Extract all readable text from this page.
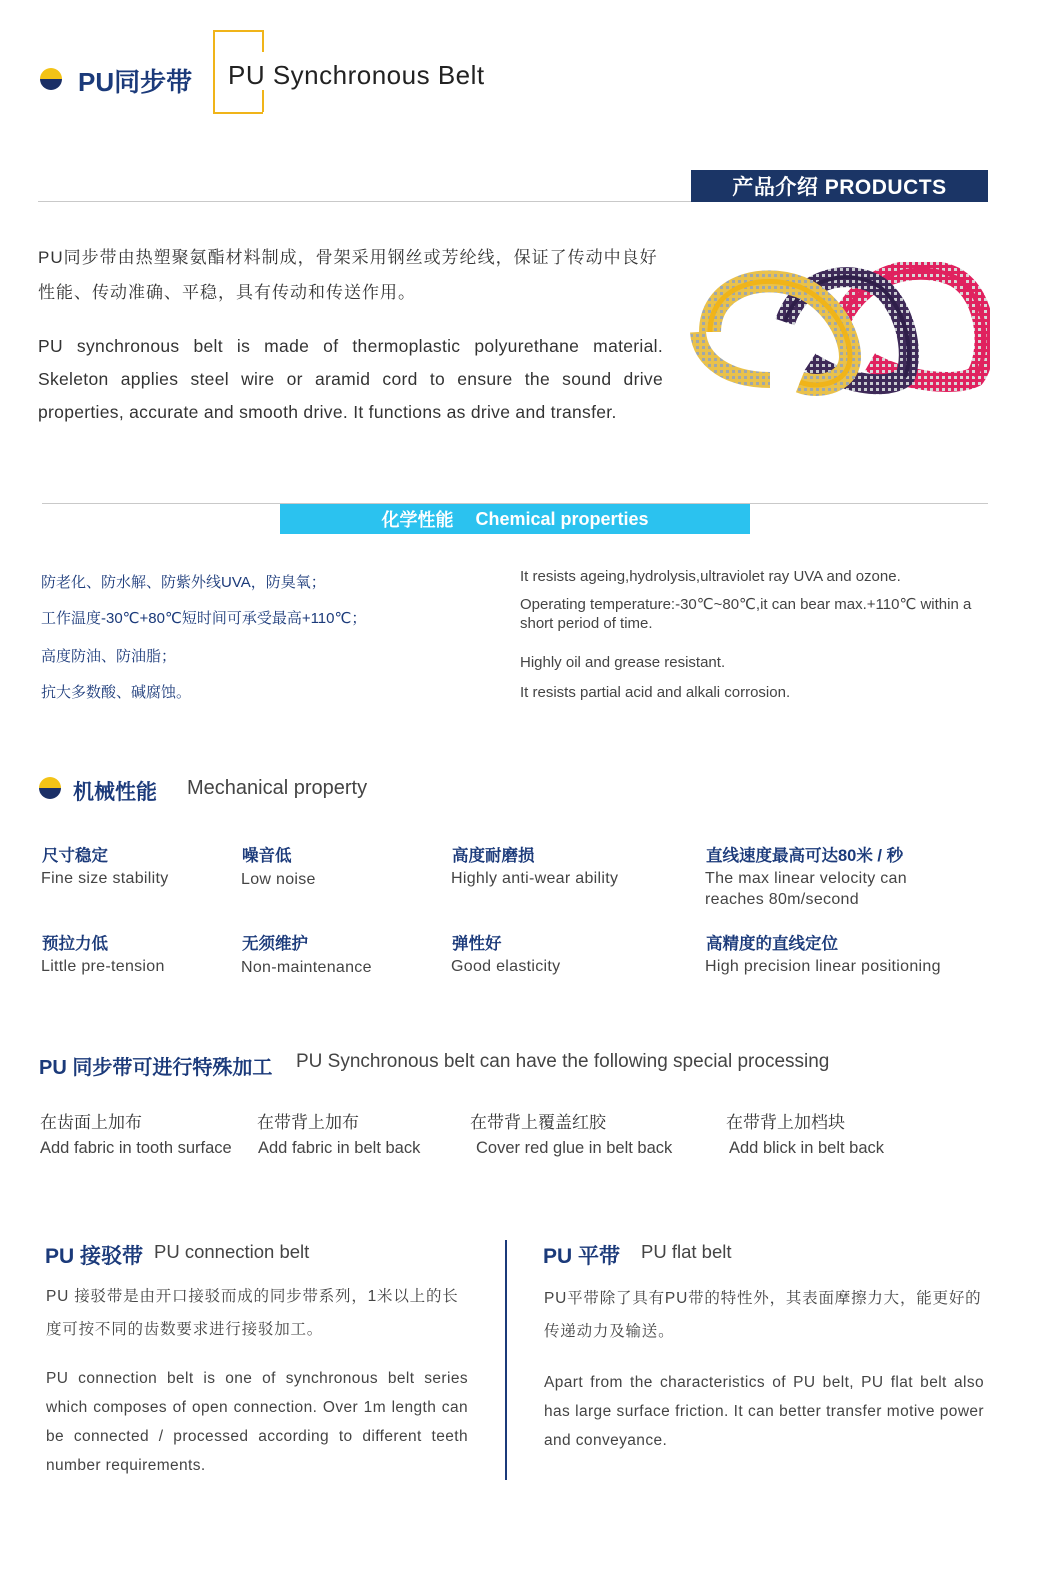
PU同步带 PU Synchronous Belt
产品介绍 PRODUCTS
PU同步带由热塑聚氨酯材料制成，骨架采用钢丝或芳纶线，保证了传动中良好性能、传动准确、平稳，具有传动和传送作用。
PU synchronous belt is made of thermoplastic polyurethane material. Skeleton applies steel wire or aramid cord to ensure the sound drive properties, accurate and smooth drive. It functions as drive and transfer.
化学性能 Chemical properties
防老化、防水解、防紫外线UVA，防臭氧；
工作温度-30℃+80℃短时间可承受最高+110℃；
高度防油、防油脂；
抗大多数酸、碱腐蚀。
It resists ageing,hydrolysis,ultraviolet ray UVA and ozone.
Operating temperature:-30℃~80℃,it can bear max.+110℃ within a short period of time.
Highly oil and grease resistant.
It resists partial acid and alkali corrosion.
机械性能 Mechanical property
尺寸稳定
Fine size stability
噪音低
Low noise
高度耐磨损
Highly anti-wear ability
直线速度最高可达80米 / 秒
The max linear velocity can reaches 80m/second
预拉力低
Little pre-tension
无须维护
Non-maintenance
弹性好
Good elasticity
高精度的直线定位
High precision linear positioning
PU 同步带可进行特殊加工 PU Synchronous belt can have the following special processing
在齿面上加布
Add fabric in tooth surface
在带背上加布
Add fabric in belt back
在带背上覆盖红胶
Cover red glue in belt back
在带背上加档块
Add blick in belt back
PU 接驳带 PU connection belt
PU 接驳带是由开口接驳而成的同步带系列，1米以上的长度可按不同的齿数要求进行接驳加工。
PU connection belt is one of synchronous belt series which composes of open connection. Over 1m length can be connected / processed according to different teeth number requirements.
PU 平带 PU flat belt
PU平带除了具有PU带的特性外，其表面摩擦力大，能更好的传递动力及输送。
Apart from the characteristics of PU belt, PU flat belt also has large surface friction. It can better transfer motive power and conveyance.
